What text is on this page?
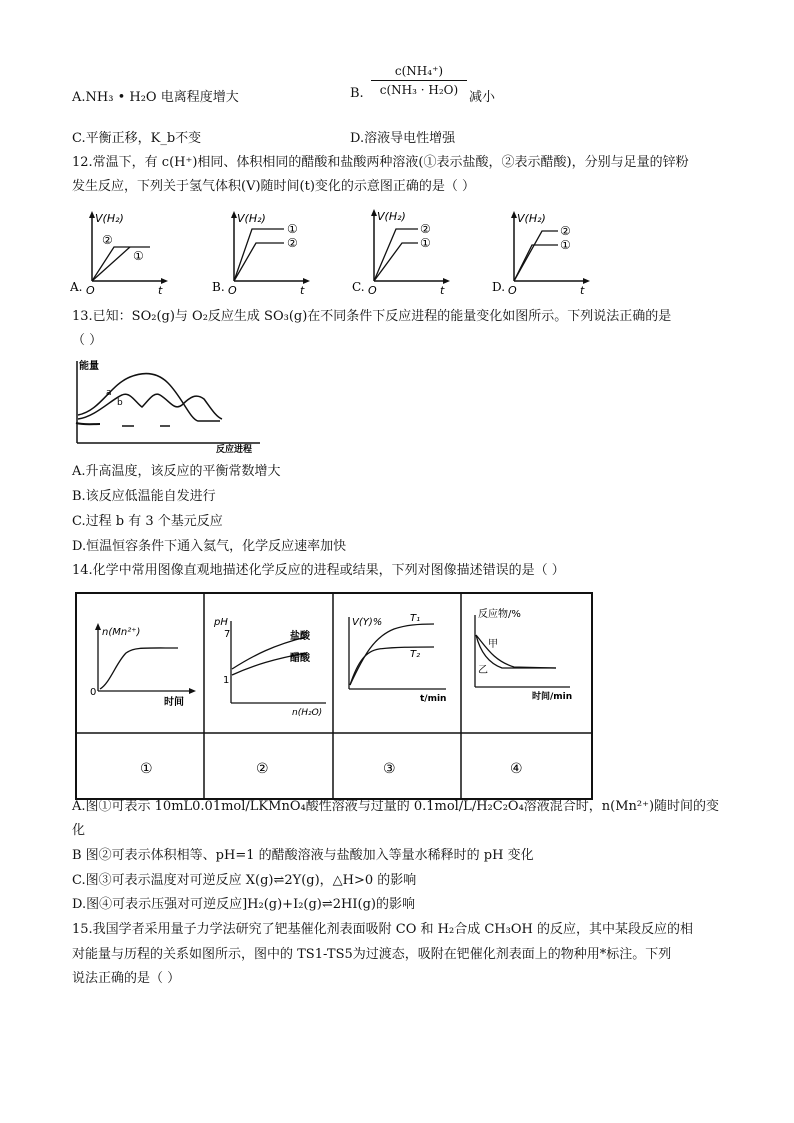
A.NH₃ • H₂O 电离程度增大	B. $\frac{\text{c(NH₄⁺)}}{\text{c(NH₃ · H₂O)}}$
减小
C.平衡正移，K_b不变	D.溶液导电性增强
12.常温下，有 c(H⁺)相同、体积相同的醋酸和盐酸两种溶液(①表示盐酸，②表示醋酸)，分别与足量的锌粉
发生反应，下列关于氢气体积(V)随时间(t)变化的示意图正确的是（ ）
A.
V(H₂)
O	t
②
①
B.
V(H₂)
O	t
①
②
C.
V(H₂)
O	t
②
①
D.
V(H₂)
O	t
②
①
13.已知：SO₂(g)与 O₂反应生成 SO₃(g)在不同条件下反应进程的能量变化如图所示。下列说法正确的是
（ ）
能量
反应进程
a
b
A.升高温度，该反应的平衡常数增大
B.该反应低温能自发进行
C.过程 b 有 3 个基元反应
D.恒温恒容条件下通入氦气，化学反应速率加快
14.化学中常用图像直观地描述化学反应的进程或结果，下列对图像描述错误的是（ ）
n(Mn²⁺)
0
时间
①
pH
7
1
盐酸
醋酸
n(H₂O)
②
V(Y)%	T₁
T₂
t/min
③
反应物/%
甲
乙
时间/min
④
A.图①可表示 10mL0.01mol/LKMnO₄酸性溶液与过量的 0.1mol/L/H₂C₂O₄溶液混合时，n(Mn²⁺)随时间的变
化
B 图②可表示体积相等、pH=1 的醋酸溶液与盐酸加入等量水稀释时的 pH 变化
C.图③可表示温度对可逆反应 X(g)⇌2Y(g)，△H>0 的影响
D.图④可表示压强对可逆反应]H₂(g)+I₂(g)⇌2HI(g)的影响
15.我国学者采用量子力学法研究了钯基催化剂表面吸附 CO 和 H₂合成 CH₃OH 的反应，其中某段反应的相
对能量与历程的关系如图所示，图中的 TS1-TS5为过渡态，吸附在钯催化剂表面上的物种用*标注。下列
说法正确的是（ ）
